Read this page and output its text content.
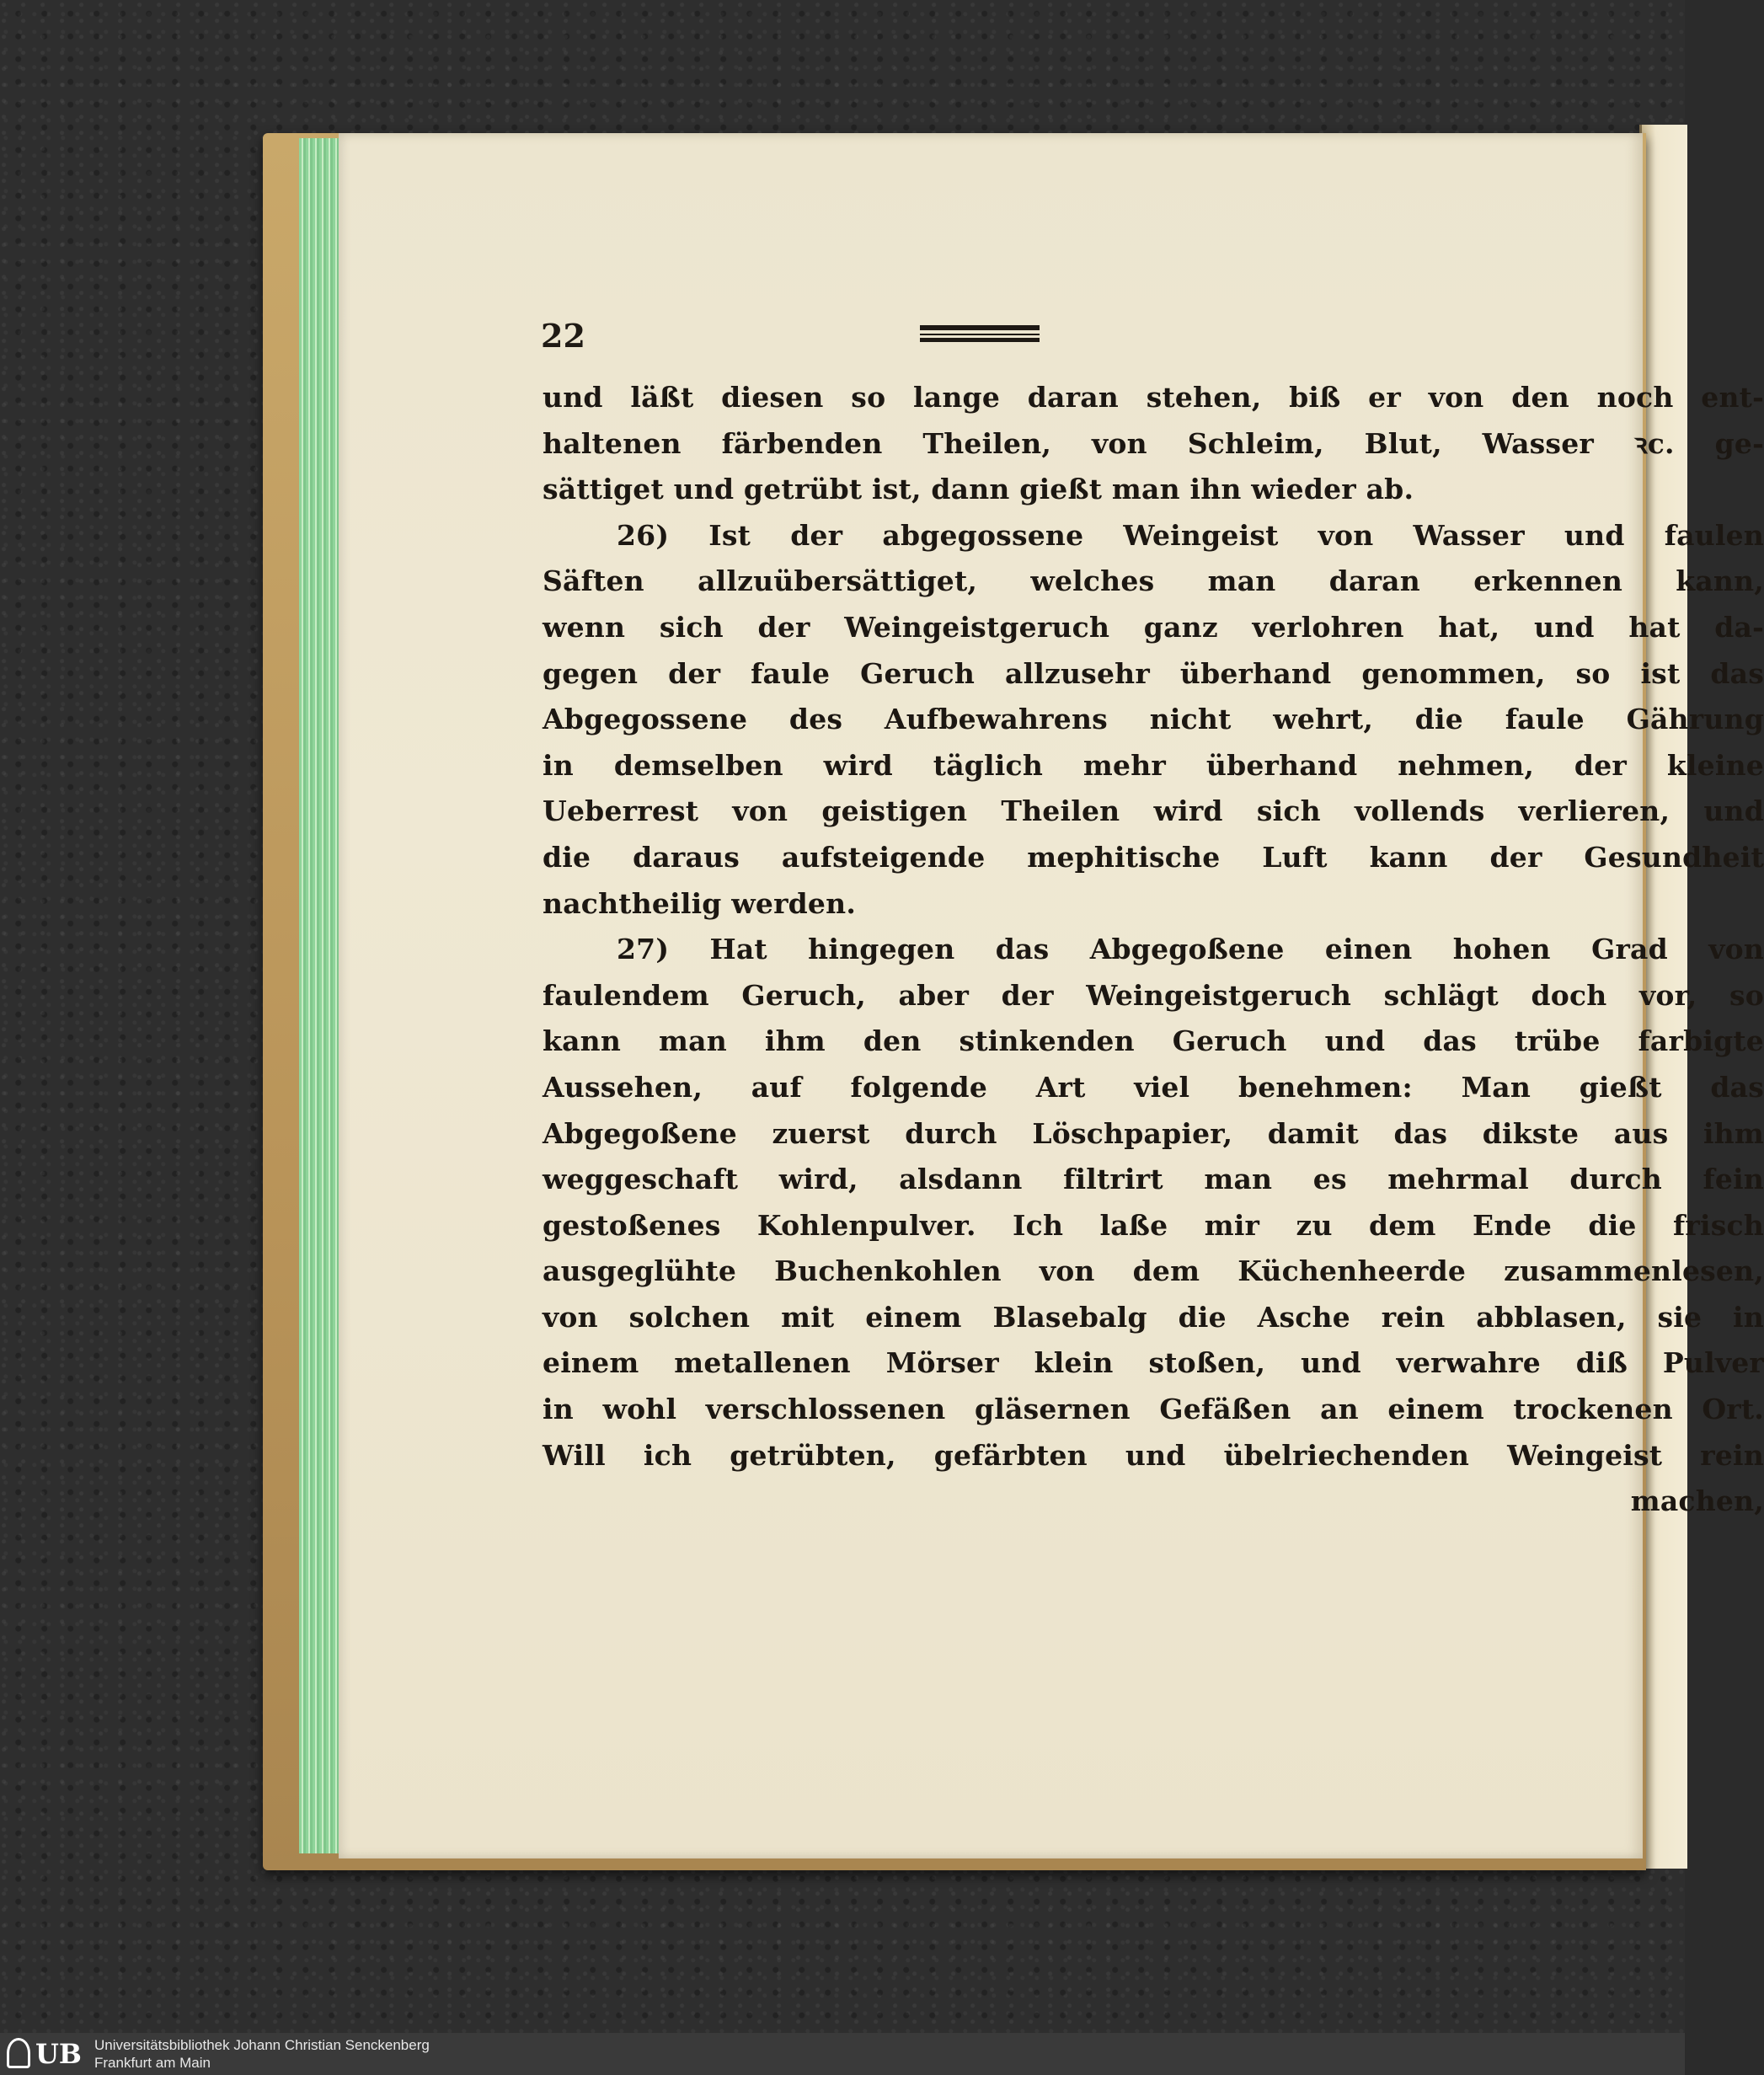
22
und läßt diesen so lange daran stehen, biß er von den noch ent-
haltenen färbenden Theilen, von Schleim, Blut, Wasser ꝛc. ge-
sättiget und getrübt ist, dann gießt man ihn wieder ab.
26) Ist der abgegossene Weingeist von Wasser und faulen
Säften allzuübersättiget, welches man daran erkennen kann,
wenn sich der Weingeistgeruch ganz verlohren hat, und hat da-
gegen der faule Geruch allzusehr überhand genommen, so ist das
Abgegossene des Aufbewahrens nicht wehrt, die faule Gährung
in demselben wird täglich mehr überhand nehmen, der kleine
Ueberrest von geistigen Theilen wird sich vollends verlieren, und
die daraus aufsteigende mephitische Luft kann der Gesundheit
nachtheilig werden.
27) Hat hingegen das Abgegoßene einen hohen Grad von
faulendem Geruch, aber der Weingeistgeruch schlägt doch vor, so
kann man ihm den stinkenden Geruch und das trübe farbigte
Aussehen, auf folgende Art viel benehmen: Man gießt das
Abgegoßene zuerst durch Löschpapier, damit das dikste aus ihm
weggeschaft wird, alsdann filtrirt man es mehrmal durch fein
gestoßenes Kohlenpulver. Ich laße mir zu dem Ende die frisch
ausgeglühte Buchenkohlen von dem Küchenheerde zusammenlesen,
von solchen mit einem Blasebalg die Asche rein abblasen, sie in
einem metallenen Mörser klein stoßen, und verwahre diß Pulver
in wohl verschlossenen gläsernen Gefäßen an einem trockenen Ort.
Will ich getrübten, gefärbten und übelriechenden Weingeist rein
machen,
UB Universitätsbibliothek Johann Christian Senckenberg
Frankfurt am Main
